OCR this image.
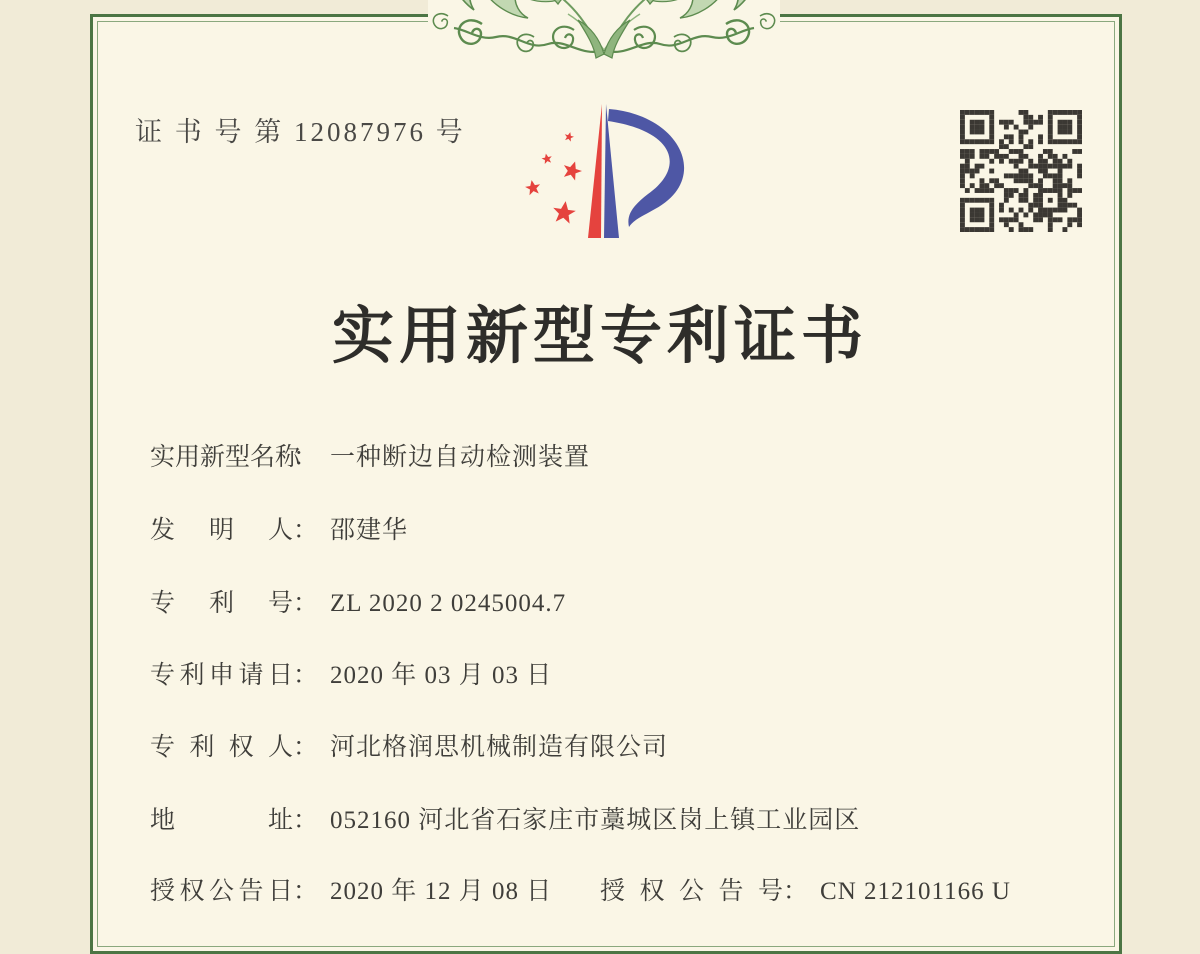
证 书 号 第 12087976 号
实用新型专利证书
实用新型名称： 一种断边自动检测装置
发明人： 邵建华
专利号： ZL 2020 2 0245004.7
专利申请日： 2020 年 03 月 03 日
专利权人： 河北格润思机械制造有限公司
地址： 052160 河北省石家庄市藁城区岗上镇工业园区
授权公告日： 2020 年 12 月 08 日 授权公告号： CN 212101166 U
